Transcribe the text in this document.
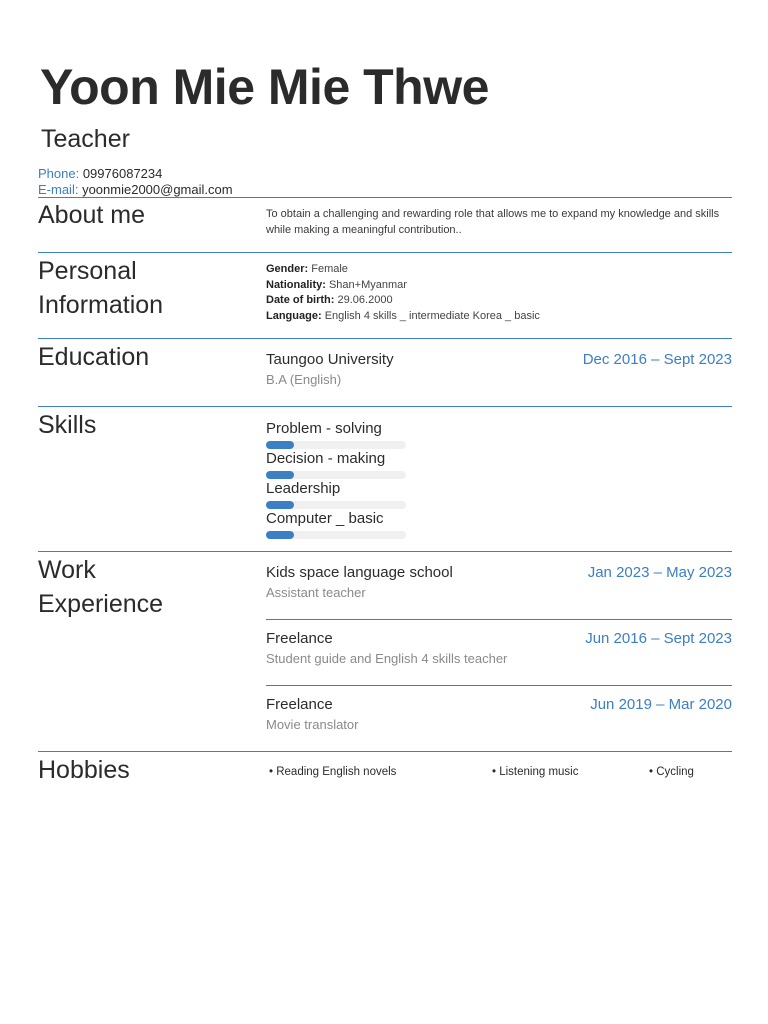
Yoon Mie Mie Thwe
Teacher
Phone: 09976087234
E-mail: yoonmie2000@gmail.com
About me	To obtain a challenging and rewarding role that allows me to expand my knowledge and skills while making a meaningful contribution..
Personal
Information
Gender: Female
Nationality: Shan+Myanmar
Date of birth: 29.06.2000
Language: English 4 skills _ intermediate Korea _ basic
Education	Taungoo University	Dec 2016 – Sept 2023
B.A (English)
Skills	Problem - solving
Decision - making
Leadership
Computer _ basic
Work
Experience
Kids space language school	Jan 2023 – May 2023
Assistant teacher
Freelance	Jun 2016 – Sept 2023
Student guide and English 4 skills teacher
Freelance	Jun 2019 – Mar 2020
Movie translator
Hobbies	• Reading English novels	• Listening music	• Cycling
